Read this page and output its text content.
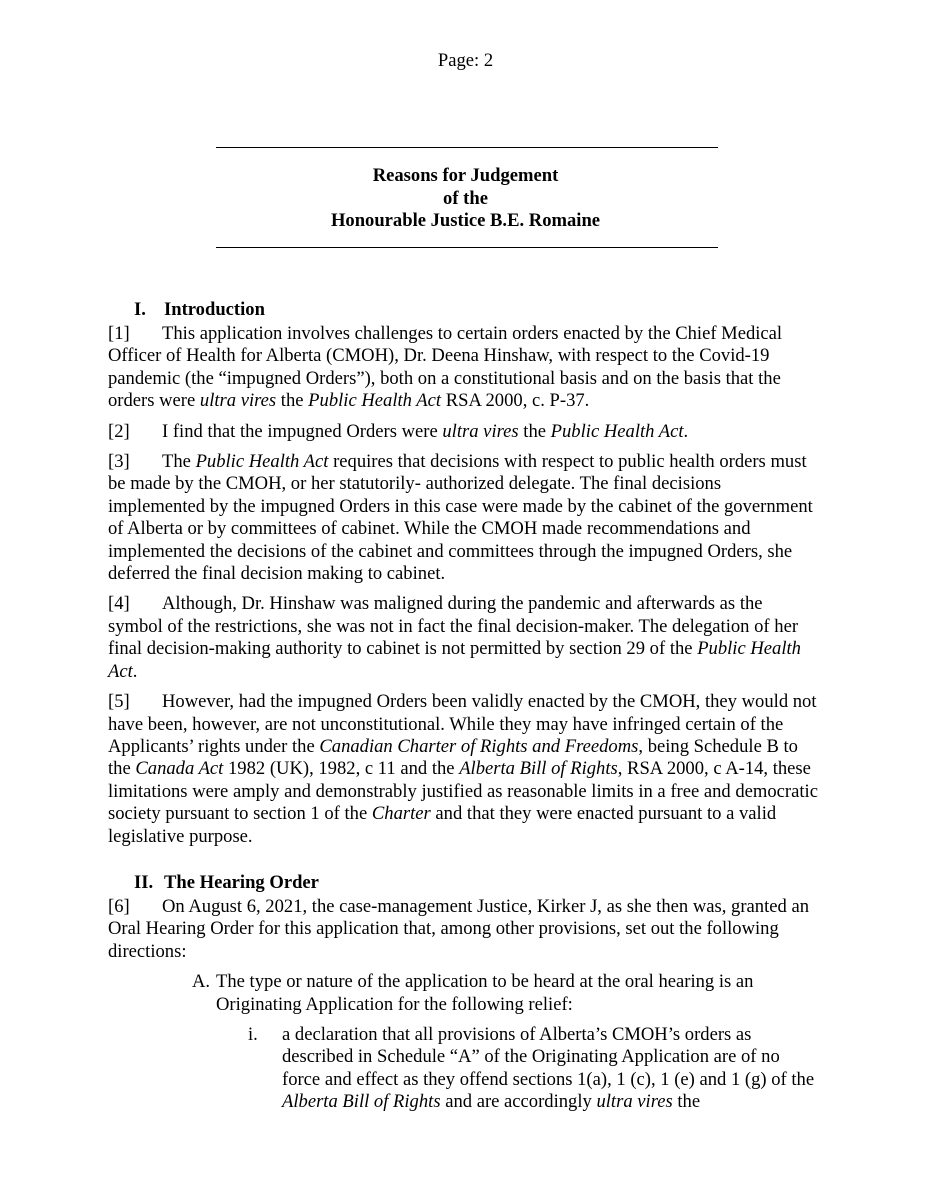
Page: 2
Reasons for Judgement
of the
Honourable Justice B.E. Romaine
I. Introduction

[1] This application involves challenges to certain orders enacted by the Chief Medical Officer of Health for Alberta (CMOH), Dr. Deena Hinshaw, with respect to the Covid-19 pandemic (the “impugned Orders”), both on a constitutional basis and on the basis that the orders were ultra vires the Public Health Act RSA 2000, c. P-37.

[2] I find that the impugned Orders were ultra vires the Public Health Act.

[3] The Public Health Act requires that decisions with respect to public health orders must be made by the CMOH, or her statutorily- authorized delegate. The final decisions implemented by the impugned Orders in this case were made by the cabinet of the government of Alberta or by committees of cabinet. While the CMOH made recommendations and implemented the decisions of the cabinet and committees through the impugned Orders, she deferred the final decision making to cabinet.

[4] Although, Dr. Hinshaw was maligned during the pandemic and afterwards as the symbol of the restrictions, she was not in fact the final decision-maker. The delegation of her final decision-making authority to cabinet is not permitted by section 29 of the Public Health Act.

[5] However, had the impugned Orders been validly enacted by the CMOH, they would not have been, however, are not unconstitutional. While they may have infringed certain of the Applicants’ rights under the Canadian Charter of Rights and Freedoms, being Schedule B to the Canada Act 1982 (UK), 1982, c 11 and the Alberta Bill of Rights, RSA 2000, c A-14, these limitations were amply and demonstrably justified as reasonable limits in a free and democratic society pursuant to section 1 of the Charter and that they were enacted pursuant to a valid legislative purpose.

II. The Hearing Order

[6] On August 6, 2021, the case-management Justice, Kirker J, as she then was, granted an Oral Hearing Order for this application that, among other provisions, set out the following directions:

A. The type or nature of the application to be heard at the oral hearing is an Originating Application for the following relief:

i. a declaration that all provisions of Alberta’s CMOH’s orders as described in Schedule “A” of the Originating Application are of no force and effect as they offend sections 1(a), 1 (c), 1 (e) and 1 (g) of the Alberta Bill of Rights and are accordingly ultra vires the
